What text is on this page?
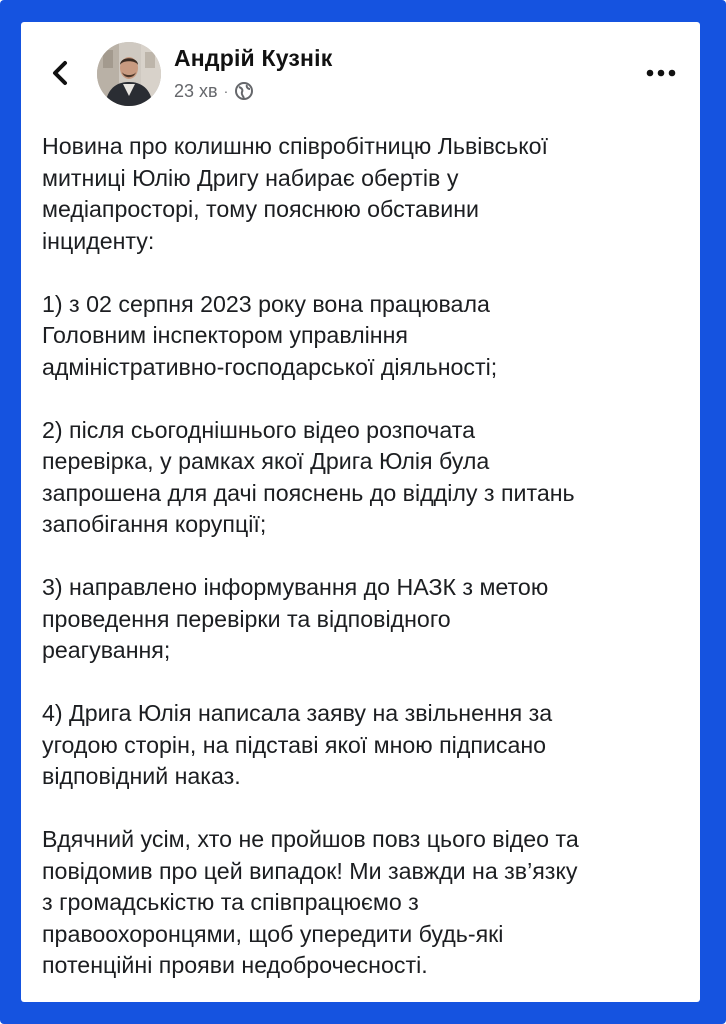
Андрій Кузнік
23 хв ·

Новина про колишню співробітницю Львівської
митниці Юлію Дригу набирає обертів у
медіапросторі, тому пояснюю обставини
інциденту:

1) з 02 серпня 2023 року вона працювала
Головним інспектором управління
адміністративно-господарської діяльності;

2) після сьогоднішнього відео розпочата
перевірка, у рамках якої Дрига Юлія була
запрошена для дачі пояснень до відділу з питань
запобігання корупції;

3) направлено інформування до НАЗК з метою
проведення перевірки та відповідного
реагування;

4) Дрига Юлія написала заяву на звільнення за
угодою сторін, на підставі якої мною підписано
відповідний наказ.

Вдячний усім, хто не пройшов повз цього відео та
повідомив про цей випадок! Ми завжди на зв’язку
з громадськістю та співпрацюємо з
правоохоронцями, щоб упередити будь-які
потенційні прояви недоброчесності.
